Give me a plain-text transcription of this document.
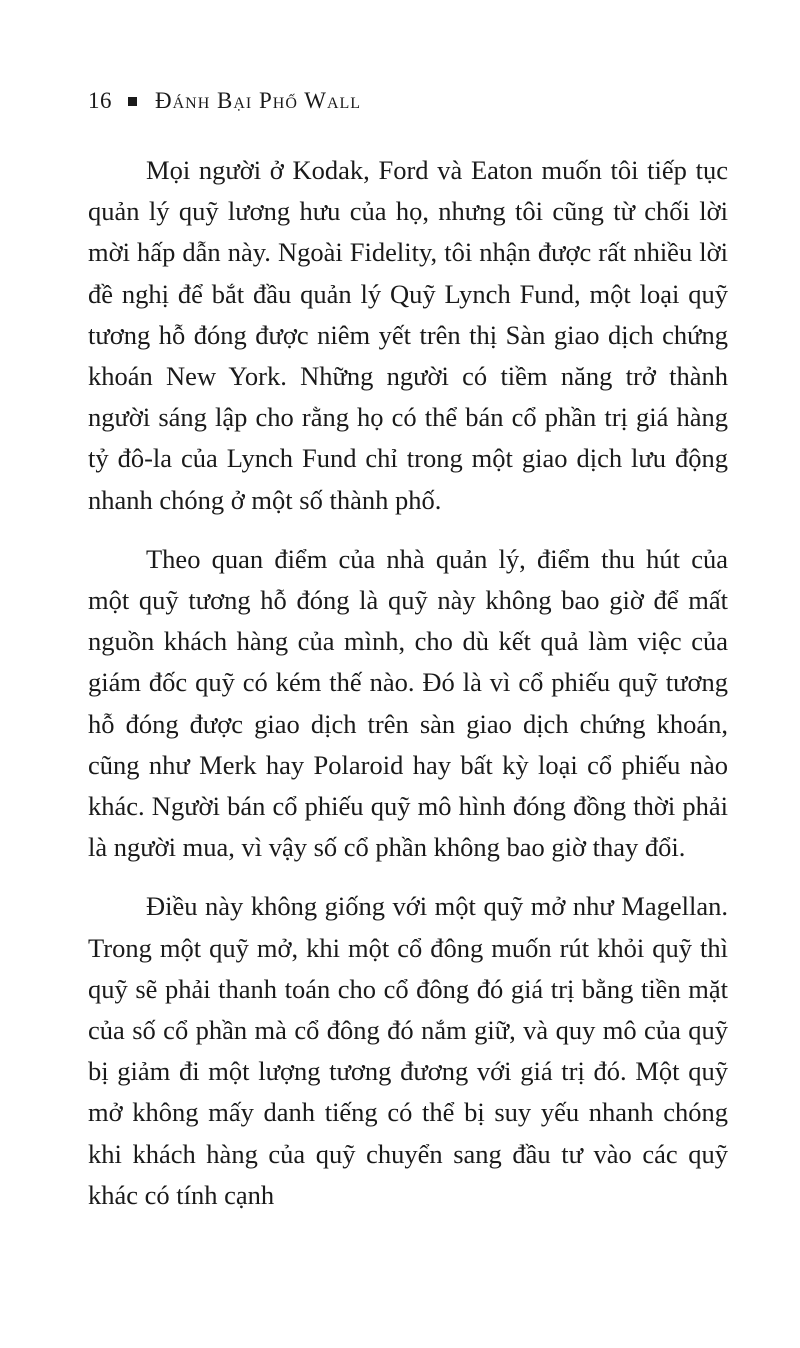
16 Đánh Bại Phố Wall

Mọi người ở Kodak, Ford và Eaton muốn tôi tiếp tục quản lý quỹ lương hưu của họ, nhưng tôi cũng từ chối lời mời hấp dẫn này. Ngoài Fidelity, tôi nhận được rất nhiều lời đề nghị để bắt đầu quản lý Quỹ Lynch Fund, một loại quỹ tương hỗ đóng được niêm yết trên thị Sàn giao dịch chứng khoán New York. Những người có tiềm năng trở thành người sáng lập cho rằng họ có thể bán cổ phần trị giá hàng tỷ đô-la của Lynch Fund chỉ trong một giao dịch lưu động nhanh chóng ở một số thành phố.

Theo quan điểm của nhà quản lý, điểm thu hút của một quỹ tương hỗ đóng là quỹ này không bao giờ để mất nguồn khách hàng của mình, cho dù kết quả làm việc của giám đốc quỹ có kém thế nào. Đó là vì cổ phiếu quỹ tương hỗ đóng được giao dịch trên sàn giao dịch chứng khoán, cũng như Merk hay Polaroid hay bất kỳ loại cổ phiếu nào khác. Người bán cổ phiếu quỹ mô hình đóng đồng thời phải là người mua, vì vậy số cổ phần không bao giờ thay đổi.

Điều này không giống với một quỹ mở như Magellan. Trong một quỹ mở, khi một cổ đông muốn rút khỏi quỹ thì quỹ sẽ phải thanh toán cho cổ đông đó giá trị bằng tiền mặt của số cổ phần mà cổ đông đó nắm giữ, và quy mô của quỹ bị giảm đi một lượng tương đương với giá trị đó. Một quỹ mở không mấy danh tiếng có thể bị suy yếu nhanh chóng khi khách hàng của quỹ chuyển sang đầu tư vào các quỹ khác có tính cạnh
